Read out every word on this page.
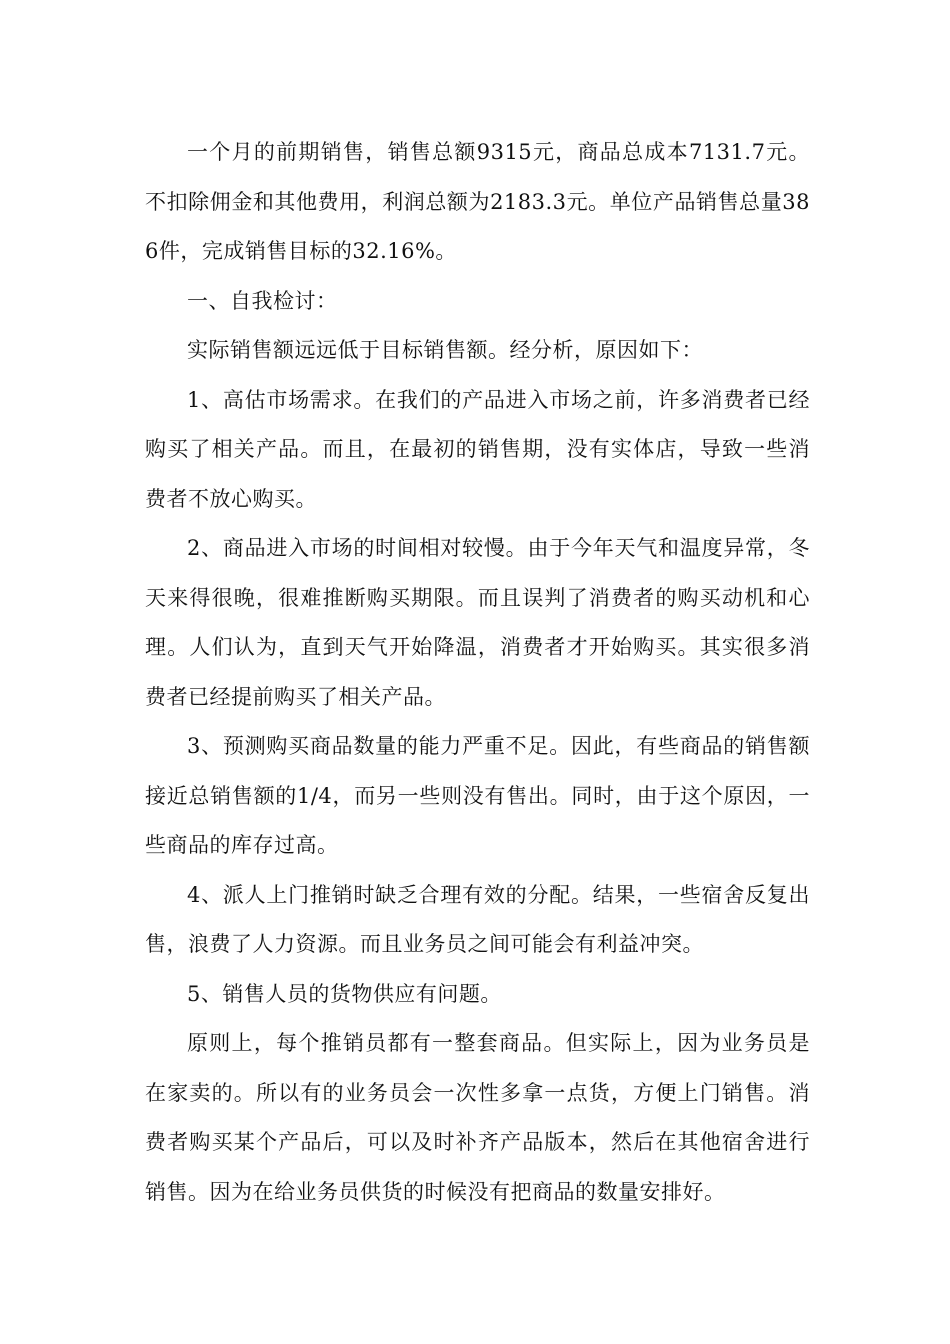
一个月的前期销售，销售总额9315元，商品总成本7131.7元。不扣除佣金和其他费用，利润总额为2183.3元。单位产品销售总量386件，完成销售目标的32.16%。

一、自我检讨：

实际销售额远远低于目标销售额。经分析，原因如下：

1、高估市场需求。在我们的产品进入市场之前，许多消费者已经购买了相关产品。而且，在最初的销售期，没有实体店，导致一些消费者不放心购买。

2、商品进入市场的时间相对较慢。由于今年天气和温度异常，冬天来得很晚，很难推断购买期限。而且误判了消费者的购买动机和心理。人们认为，直到天气开始降温，消费者才开始购买。其实很多消费者已经提前购买了相关产品。

3、预测购买商品数量的能力严重不足。因此，有些商品的销售额接近总销售额的1/4，而另一些则没有售出。同时，由于这个原因，一些商品的库存过高。

4、派人上门推销时缺乏合理有效的分配。结果，一些宿舍反复出售，浪费了人力资源。而且业务员之间可能会有利益冲突。

5、销售人员的货物供应有问题。

原则上，每个推销员都有一整套商品。但实际上，因为业务员是在家卖的。所以有的业务员会一次性多拿一点货，方便上门销售。消费者购买某个产品后，可以及时补齐产品版本，然后在其他宿舍进行销售。因为在给业务员供货的时候没有把商品的数量安排好。
